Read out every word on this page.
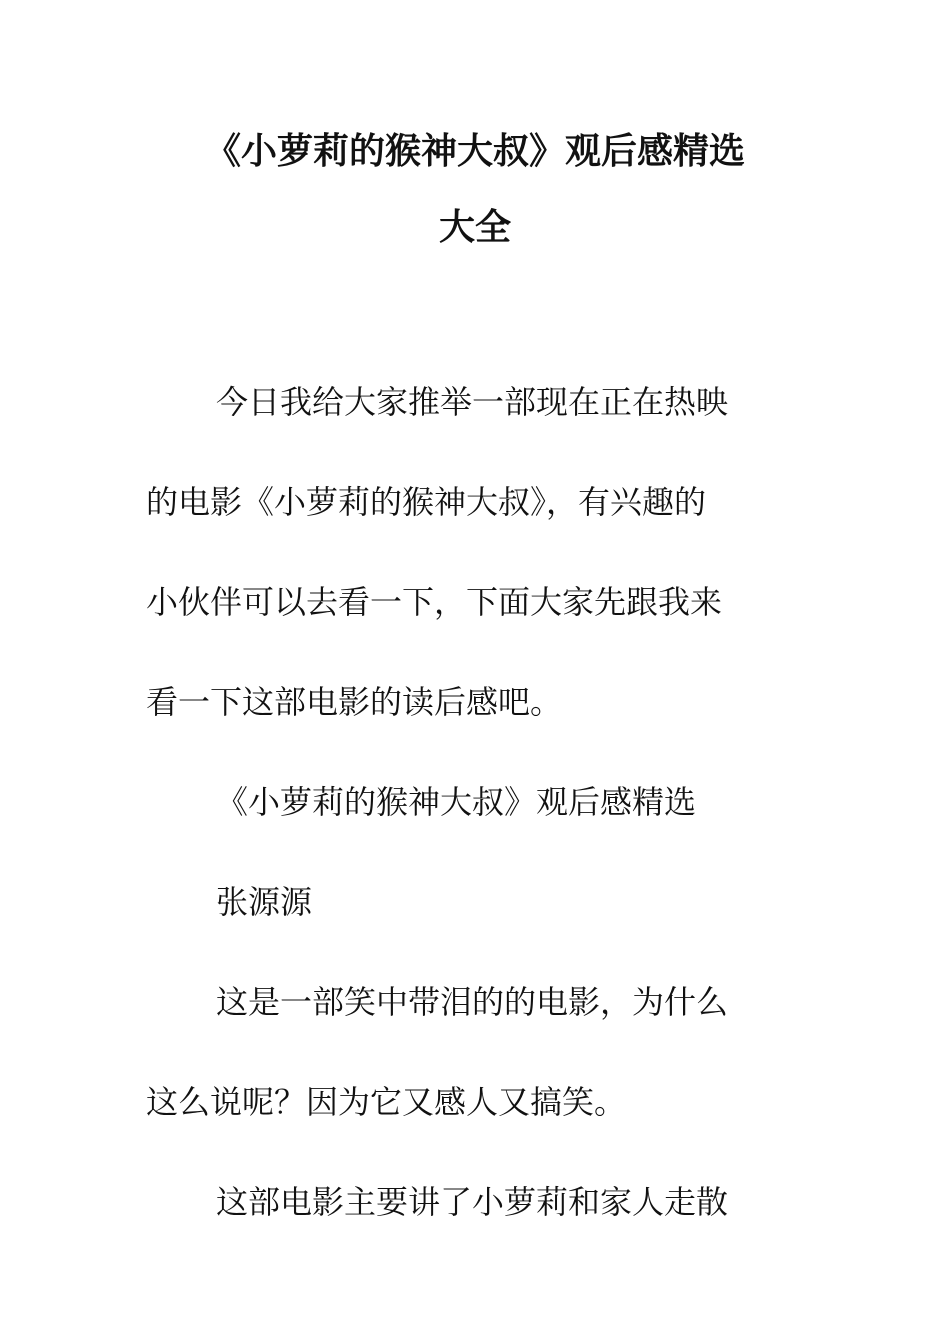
《小萝莉的猴神大叔》观后感精选
大全
今日我给大家推举一部现在正在热映
的电影《小萝莉的猴神大叔》，有兴趣的
小伙伴可以去看一下，下面大家先跟我来
看一下这部电影的读后感吧。
《小萝莉的猴神大叔》观后感精选
张源源
这是一部笑中带泪的的电影，为什么
这么说呢？因为它又感人又搞笑。
这部电影主要讲了小萝莉和家人走散
